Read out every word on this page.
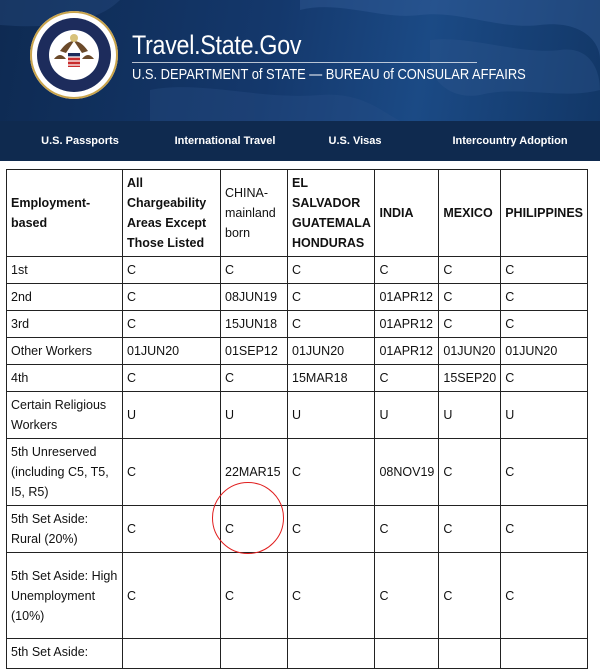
Travel.State.Gov
U.S. DEPARTMENT of STATE — BUREAU of CONSULAR AFFAIRS
U.S. Passports	International Travel	U.S. Visas	Intercountry Adoption
Employment-based	All Chargeability Areas Except Those Listed	CHINA-mainland born	EL SALVADOR GUATEMALA HONDURAS	INDIA	MEXICO	PHILIPPINES
1st	C	C	C	C	C	C
2nd	C	08JUN19	C	01APR12	C	C
3rd	C	15JUN18	C	01APR12	C	C
Other Workers	01JUN20	01SEP12	01JUN20	01APR12	01JUN20	01JUN20
4th	C	C	15MAR18	C	15SEP20	C
Certain Religious Workers	U	U	U	U	U	U
5th Unreserved (including C5, T5, I5, R5)	C	22MAR15	C	08NOV19	C	C
5th Set Aside: Rural (20%)	C	C	C	C	C	C
5th Set Aside: High Unemployment (10%)	C	C	C	C	C	C
5th Set Aside:						
